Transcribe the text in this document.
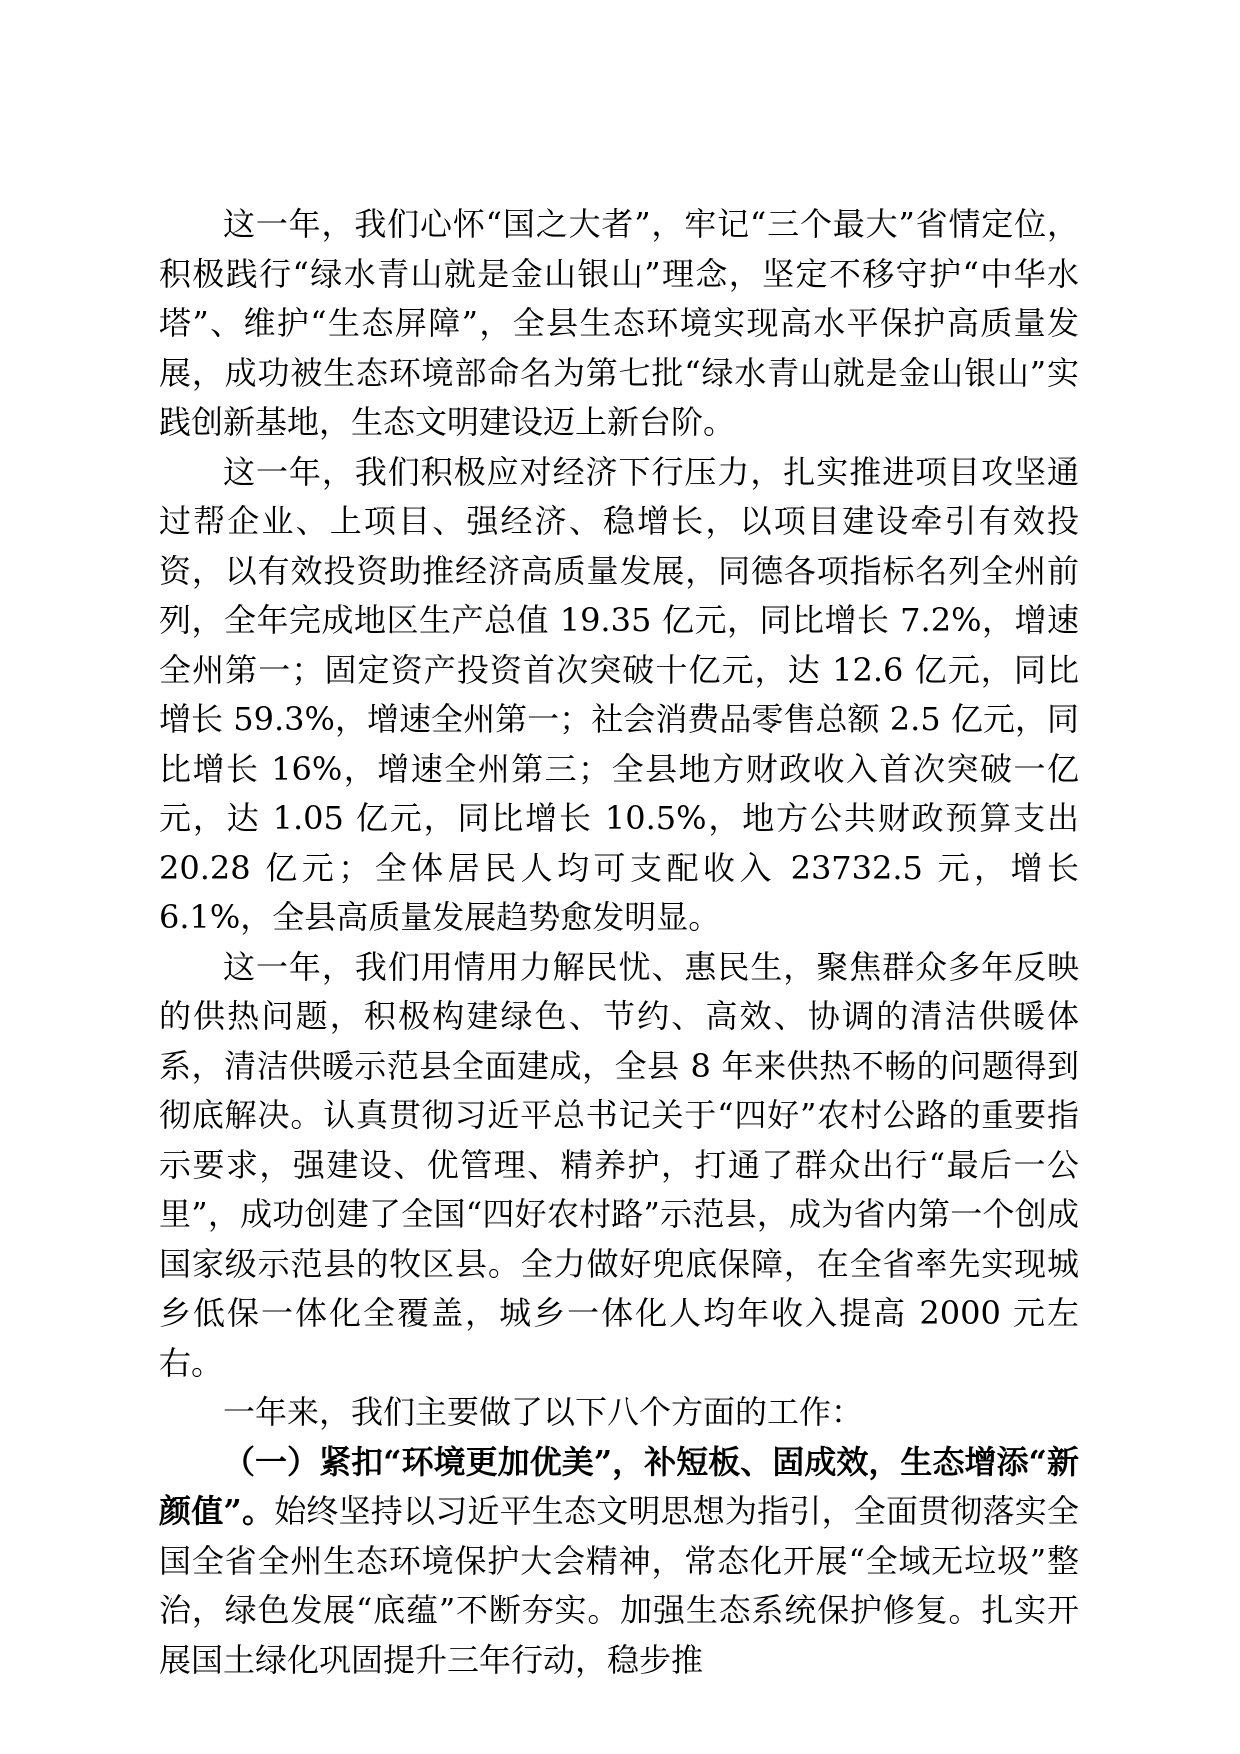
这一年，我们心怀“国之大者”，牢记“三个最大”省情定位，积极践行“绿水青山就是金山银山”理念，坚定不移守护“中华水塔”、维护“生态屏障”，全县生态环境实现高水平保护高质量发展，成功被生态环境部命名为第七批“绿水青山就是金山银山”实践创新基地，生态文明建设迈上新台阶。

这一年，我们积极应对经济下行压力，扎实推进项目攻坚通过帮企业、上项目、强经济、稳增长，以项目建设牵引有效投资，以有效投资助推经济高质量发展，同德各项指标名列全州前列，全年完成地区生产总值 19.35 亿元，同比增长 7.2%，增速全州第一；固定资产投资首次突破十亿元，达 12.6 亿元，同比增长 59.3%，增速全州第一；社会消费品零售总额 2.5 亿元，同比增长 16%，增速全州第三；全县地方财政收入首次突破一亿元，达 1.05 亿元，同比增长 10.5%，地方公共财政预算支出 20.28 亿元；全体居民人均可支配收入 23732.5 元，增长 6.1%，全县高质量发展趋势愈发明显。

这一年，我们用情用力解民忧、惠民生，聚焦群众多年反映的供热问题，积极构建绿色、节约、高效、协调的清洁供暖体系，清洁供暖示范县全面建成，全县 8 年来供热不畅的问题得到彻底解决。认真贯彻习近平总书记关于“四好”农村公路的重要指示要求，强建设、优管理、精养护，打通了群众出行“最后一公里”，成功创建了全国“四好农村路”示范县，成为省内第一个创成国家级示范县的牧区县。全力做好兜底保障，在全省率先实现城乡低保一体化全覆盖，城乡一体化人均年收入提高 2000 元左右。

一年来，我们主要做了以下八个方面的工作：

（一）紧扣“环境更加优美”，补短板、固成效，生态增添“新颜值”。始终坚持以习近平生态文明思想为指引，全面贯彻落实全国全省全州生态环境保护大会精神，常态化开展“全域无垃圾”整治，绿色发展“底蕴”不断夯实。加强生态系统保护修复。扎实开展国土绿化巩固提升三年行动，稳步推
